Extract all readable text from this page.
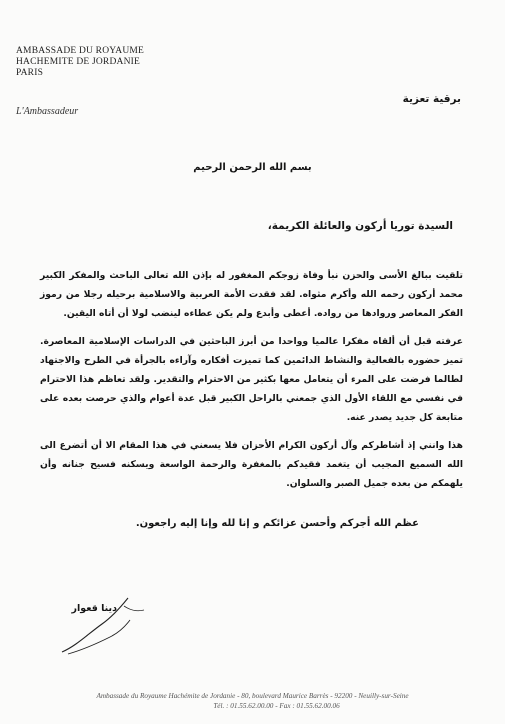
AMBASSADE DU ROYAUME
HACHEMITE DE JORDANIE
PARIS
L'Ambassadeur
برقية تعزية
بسم الله الرحمن الرحيم
السيدة توريا أركون والعائلة الكريمة،

تلقيت ببالغ الأسى والحزن نبأ وفاة زوجكم المغفور له بإذن الله تعالى الباحث والمفكر الكبير محمد أركون رحمه الله وأكرم مثواه. لقد فقدت الأمة العربية والاسلامية برحيله رجلا من رموز الفكر المعاصر وروادها من رواده. أعطى وأبدع ولم يكن عطاءه لينضب لولا أن أتاه اليقين.

عرفته قبل أن ألقاه مفكرا عالميا وواحدا من أبرز الباحثين في الدراسات الإسلامية المعاصرة. تميز حضوره بالفعالية والنشاط الدائمين كما تميزت أفكاره وآراءه بالجرأة في الطرح والاجتهاد لطالما فرضت على المرء أن يتعامل معها بكثير من الاحترام والتقدير. ولقد تعاظم هذا الاحترام في نفسي مع اللقاء الأول الذي جمعني بالراحل الكبير قبل عدة أعوام والذي حرصت بعده على متابعة كل جديد يصدر عنه.

هذا وانني إذ أشاطركم وآل أركون الكرام الأحزان فلا يسعني في هذا المقام الا أن أتضرع الى الله السميع المجيب أن يتغمد فقيدكم بالمغفرة والرحمة الواسعة ويسكنه فسيح جنانه وأن يلهمكم من بعده جميل الصبر والسلوان.

عظم الله أجركم وأحسن عزائكم و إنا لله وإنا إليه راجعون.
دينا قعوار
Ambassade du Royaume Hachémite de Jordanie - 80, boulevard Maurice Barrès - 92200 - Neuilly-sur-Seine
Tél. : 01.55.62.00.00 - Fax : 01.55.62.00.06
